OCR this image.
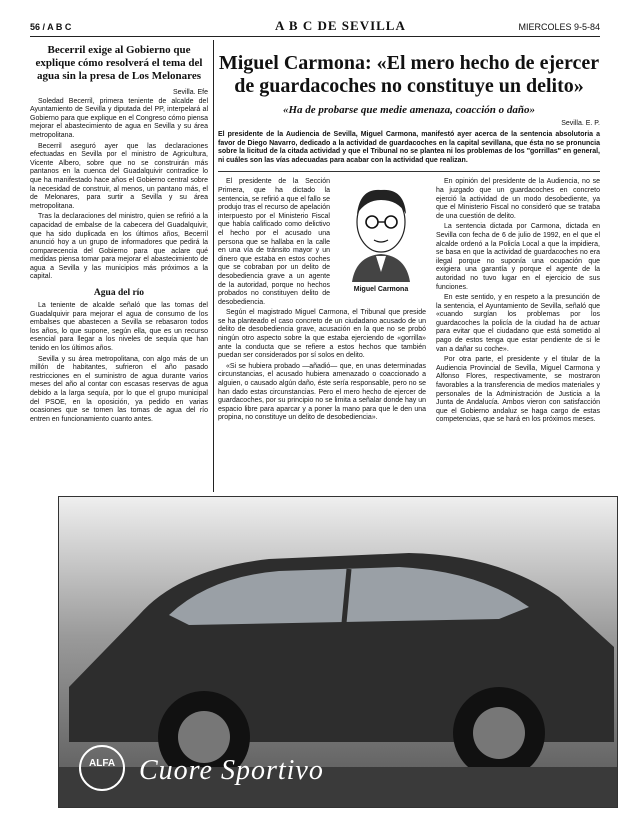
56 / A B C	A B C DE SEVILLA	MIERCOLES 9-5-84
Becerril exige al Gobierno que explique cómo resolverá el tema del agua sin la presa de Los Melonares
Sevilla. Efe

Soledad Becerril, primera teniente de alcalde del Ayuntamiento de Sevilla y diputada del PP, interpelará al Gobierno para que explique en el Congreso cómo piensa mejorar el abastecimiento de agua en Sevilla y su área metropolitana.

Becerril aseguró ayer que las declaraciones efectuadas en Sevilla por el ministro de Agricultura, Vicente Albero, sobre que no se construirán más pantanos en la cuenca del Guadalquivir contradice lo que ha manifestado hace años el Gobierno central sobre la necesidad de construir, al menos, un pantano más, el de Melonares, para surtir a Sevilla y su área metropolitana.

Tras la declaraciones del ministro, quien se refirió a la capacidad de embalse de la cabecera del Guadalquivir, que ha sido duplicada en los últimos años, Becerril anunció hoy a un grupo de informadores que pedirá la comparecencia del Gobierno para que aclare qué medidas piensa tomar para mejorar el abastecimiento de agua a Sevilla y las municipios más próximos a la capital.

Agua del río

La teniente de alcalde señaló que las tomas del Guadalquivir para mejorar el agua de consumo de los embalses que abastecen a Sevilla se rebasaron todos los años, lo que supone, según ella, que es un recurso esencial para llegar a los niveles de sequía que han tenido en los últimos años.

Sevilla y su área metropolitana, con algo más de un millón de habitantes, sufrieron el año pasado restricciones en el suministro de agua durante varios meses del año al contar con escasas reservas de agua debido a la larga sequía, por lo que el grupo municipal del PSOE, en la oposición, ya pedido en varias ocasiones que se tomen las tomas de agua del río entren en funcionamiento cuanto antes.

Miguel Carmona: «El mero hecho de ejercer de guardacoches no constituye un delito»
«Ha de probarse que medie amenaza, coacción o daño»
Sevilla. E. P.
El presidente de la Audiencia de Sevilla, Miguel Carmona, manifestó ayer acerca de la sentencia absolutoria a favor de Diego Navarro, dedicado a la actividad de guardacoches en la capital sevillana, que ésta no se pronuncia sobre la licitud de la citada actividad y que el Tribunal no se plantea ni los problemas de los "gorrillas" en general, ni cuáles son las vías adecuadas para acabar con la actividad que realizan.
Miguel Carmona

El presidente de la Sección Primera, que ha dictado la sentencia, se refirió a que el fallo se produjo tras el recurso de apelación interpuesto por el Ministerio Fiscal que había calificado como delictivo el hecho por el acusado una persona que se hallaba en la calle en una vía de tránsito mayor y un dinero que estaba en estos coches que se cobraban por un delito de desobediencia grave a un agente de la autoridad, porque no hechos probados no constituyen delito de desobediencia.

Según el magistrado Miguel Carmona, el Tribunal que preside se ha planteado el caso concreto de un ciudadano acusado de un delito de desobediencia grave, acusación en la que no se probó ningún otro aspecto sobre la que estaba ejerciendo de «gorrilla» ante la conducta que se refiere a estos hechos que también puedan ser considerados por sí solos en delito.

«Si se hubiera probado —añadió— que, en unas determinadas circunstancias, el acusado hubiera amenazado o coaccionado a alguien, o causado algún daño, éste sería responsable, pero no se han dado estas circunstancias. Pero el mero hecho de ejercer de guardacoches, por su principio no se limita a señalar donde hay un espacio libre para aparcar y a poner la mano para que le den una propina, no constituye un delito de desobediencia».

En opinión del presidente de la Audiencia, no se ha juzgado que un guardacoches en concreto ejerció la actividad de un modo desobediente, ya que el Ministerio Fiscal no consideró que se trataba de una cuestión de delito.

La sentencia dictada por Carmona, dictada en Sevilla con fecha de 6 de julio de 1992, en el que el alcalde ordenó a la Policía Local a que la impidiera, se basa en que la actividad de guardacoches no era ilegal porque no suponía una ocupación que exigiera una garantía y porque el agente de la autoridad no tuvo lugar en el ejercicio de sus funciones.

En este sentido, y en respeto a la presunción de la sentencia, el Ayuntamiento de Sevilla, señaló que «cuando surgían los problemas por los guardacoches la policía de la ciudad ha de actuar para evitar que el ciudadano que está sometido al pago de estos tenga que estar pendiente de si le van a dañar su coche».

Por otra parte, el presidente y el titular de la Audiencia Provincial de Sevilla, Miguel Carmona y Alfonso Flores, respectivamente, se mostraron favorables a la transferencia de medios materiales y personales de la Administración de Justicia a la Junta de Andalucía. Ambos vieron con satisfacción que el Gobierno andaluz se haga cargo de estas competencias, que se hará en los próximos meses.

ALFA Cuore Sportivo
